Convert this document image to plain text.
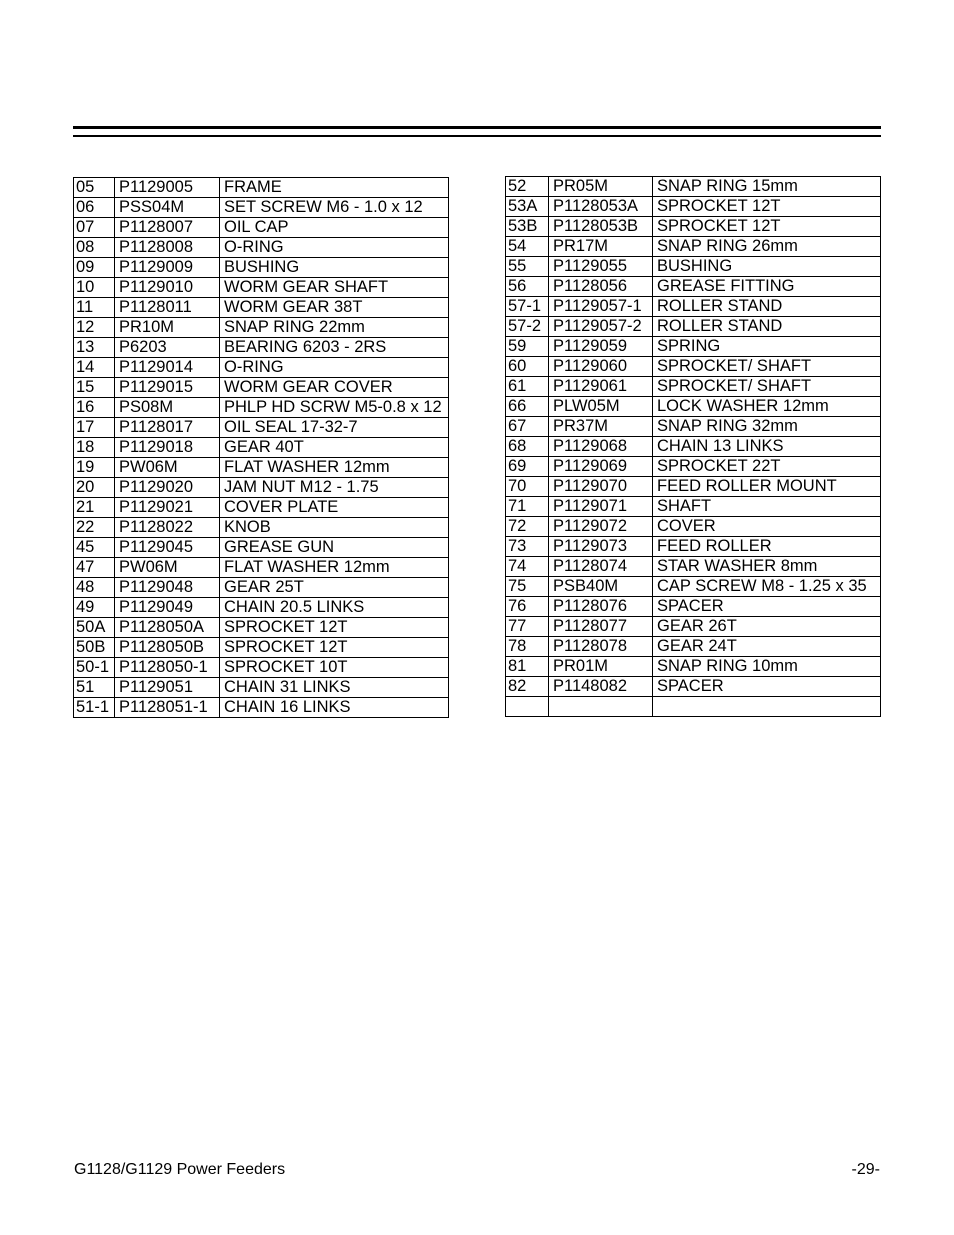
05	P1129005	FRAME
06	PSS04M	SET SCREW M6 - 1.0 x 12
07	P1128007	OIL CAP
08	P1128008	O-RING
09	P1129009	BUSHING
10	P1129010	WORM GEAR SHAFT
11	P1128011	WORM GEAR 38T
12	PR10M	SNAP RING 22mm
13	P6203	BEARING 6203 - 2RS
14	P1129014	O-RING
15	P1129015	WORM GEAR COVER
16	PS08M	PHLP HD SCRW M5-0.8 x 12
17	P1128017	OIL SEAL 17-32-7
18	P1129018	GEAR 40T
19	PW06M	FLAT WASHER 12mm
20	P1129020	JAM NUT M12 - 1.75
21	P1129021	COVER PLATE
22	P1128022	KNOB
45	P1129045	GREASE GUN
47	PW06M	FLAT WASHER 12mm
48	P1129048	GEAR 25T
49	P1129049	CHAIN 20.5 LINKS
50A	P1128050A	SPROCKET 12T
50B	P1128050B	SPROCKET 12T
50-1	P1128050-1	SPROCKET 10T
51	P1129051	CHAIN 31 LINKS
51-1	P1128051-1	CHAIN 16 LINKS
52	PR05M	SNAP RING 15mm
53A	P1128053A	SPROCKET 12T
53B	P1128053B	SPROCKET 12T
54	PR17M	SNAP RING 26mm
55	P1129055	BUSHING
56	P1128056	GREASE FITTING
57-1	P1129057-1	ROLLER STAND
57-2	P1129057-2	ROLLER STAND
59	P1129059	SPRING
60	P1129060	SPROCKET/ SHAFT
61	P1129061	SPROCKET/ SHAFT
66	PLW05M	LOCK WASHER 12mm
67	PR37M	SNAP RING 32mm
68	P1129068	CHAIN 13 LINKS
69	P1129069	SPROCKET 22T
70	P1129070	FEED ROLLER MOUNT
71	P1129071	SHAFT
72	P1129072	COVER
73	P1129073	FEED ROLLER
74	P1128074	STAR WASHER 8mm
75	PSB40M	CAP SCREW M8 - 1.25 x 35
76	P1128076	SPACER
77	P1128077	GEAR 26T
78	P1128078	GEAR 24T
81	PR01M	SNAP RING 10mm
82	P1148082	SPACER

G1128/G1129 Power Feeders	-29-
